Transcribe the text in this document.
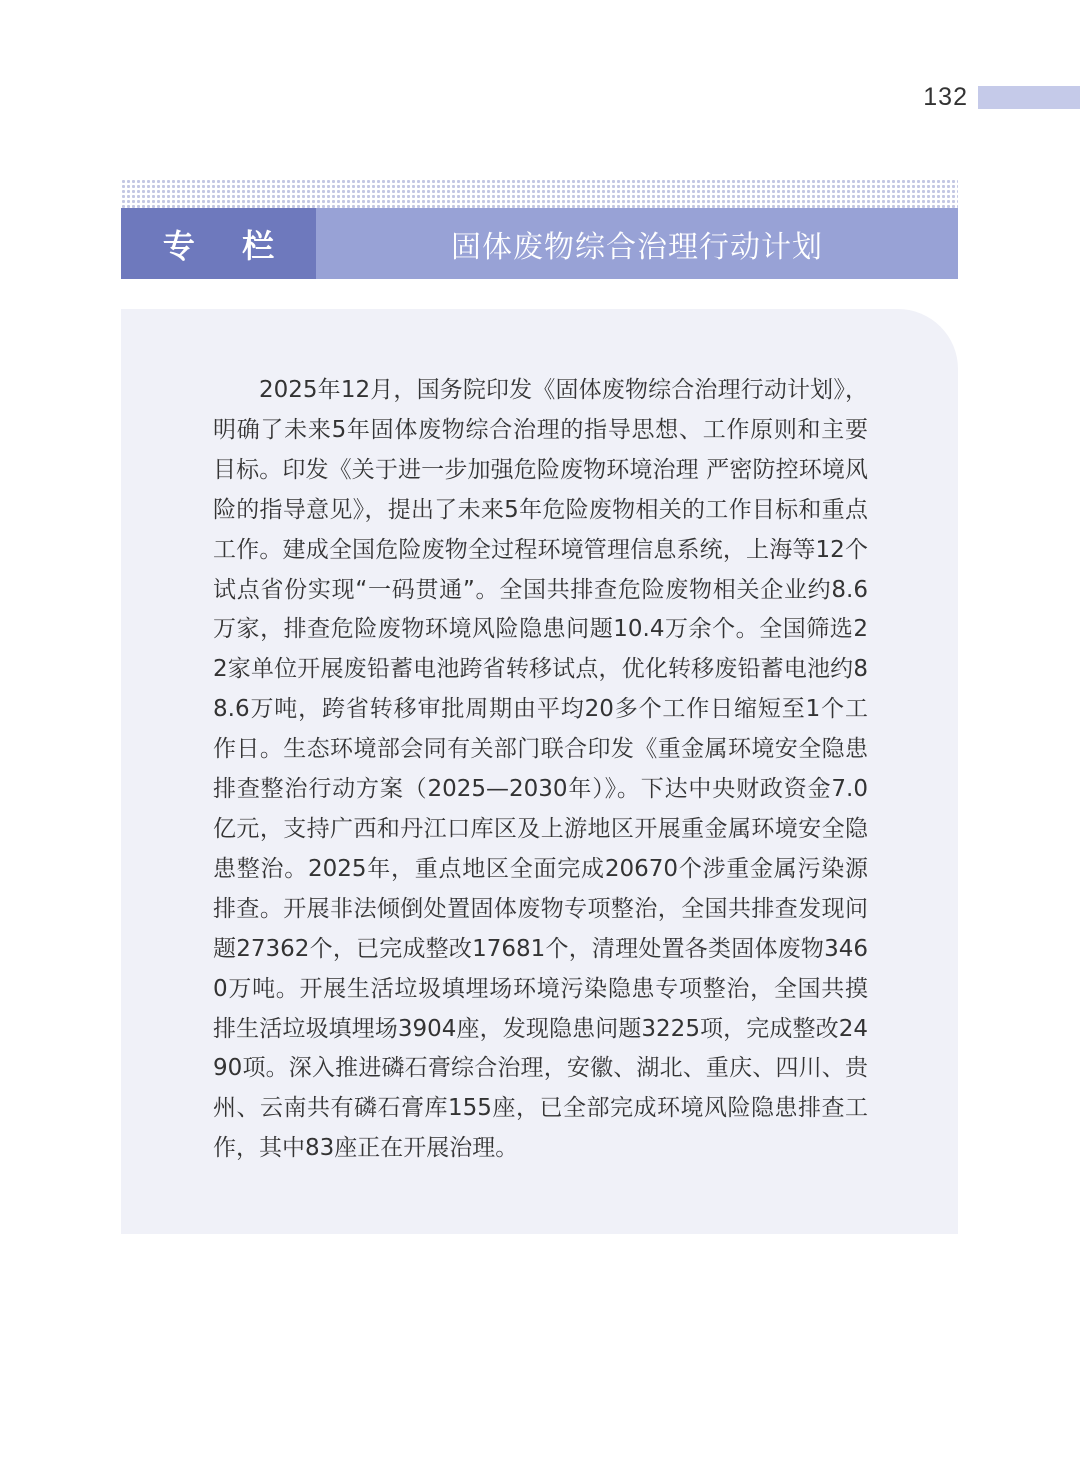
132
专 栏	固体废物综合治理行动计划

2025年12月，国务院印发《固体废物综合治理行动计划》，明确了未来5年固体废物综合治理的指导思想、工作原则和主要目标。印发《关于进一步加强危险废物环境治理 严密防控环境风险的指导意见》，提出了未来5年危险废物相关的工作目标和重点工作。建成全国危险废物全过程环境管理信息系统，上海等12个试点省份实现“一码贯通”。全国共排查危险废物相关企业约8.6万家，排查危险废物环境风险隐患问题10.4万余个。全国筛选22家单位开展废铅蓄电池跨省转移试点，优化转移废铅蓄电池约88.6万吨，跨省转移审批周期由平均20多个工作日缩短至1个工作日。生态环境部会同有关部门联合印发《重金属环境安全隐患排查整治行动方案（2025—2030年）》。下达中央财政资金7.0亿元，支持广西和丹江口库区及上游地区开展重金属环境安全隐患整治。2025年，重点地区全面完成20670个涉重金属污染源排查。开展非法倾倒处置固体废物专项整治，全国共排查发现问题27362个，已完成整改17681个，清理处置各类固体废物3460万吨。开展生活垃圾填埋场环境污染隐患专项整治，全国共摸排生活垃圾填埋场3904座，发现隐患问题3225项，完成整改2490项。深入推进磷石膏综合治理，安徽、湖北、重庆、四川、贵州、云南共有磷石膏库155座，已全部完成环境风险隐患排查工作，其中83座正在开展治理。
